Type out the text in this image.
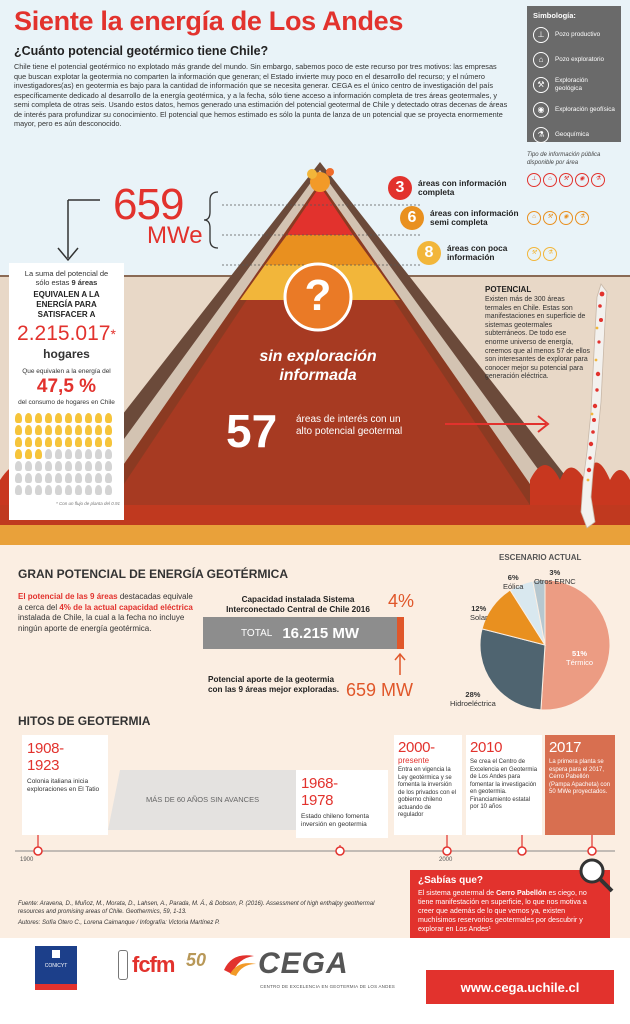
Siente la energía de Los Andes
¿Cuánto potencial geotérmico tiene Chile?
Chile tiene el potencial geotérmico no explotado más grande del mundo. Sin embargo, sabemos poco de este recurso por tres motivos: las empresas que buscan explotar la geotermia no comparten la información que generan; el Estado invierte muy poco en el desarrollo del recurso; y el número investigadores(as) en geotermia es bajo para la cantidad de información que se necesita generar. CEGA es el único centro de investigación del país específicamente dedicado al desarrollo de la energía geotérmica, y a la fecha, sólo tiene acceso a información completa de tres áreas geotermales, y semi completa de otras seis. Usando estos datos, hemos generado una estimación del potencial geotermal de Chile y detectado otras decenas de áreas de interés para profundizar su conocimiento. El potencial que hemos estimado es sólo la punta de lanza de un potencial que se proyecta enormemente mayor, pero es aún desconocido.
Simbología:
⊥	Pozo productivo
⌂	Pozo exploratorio
⚒	Exploración geológica
◉	Exploración geofísica
⚗	Geoquímica
Tipo de información pública disponible por área
⊥	⌂	⚒	◉	⚗
⌂	⚒	◉	⚗
⚒	⚗
659
MWe
3	áreas con información completa
6	áreas con información semi completa
8	áreas con poca información
?
sin exploración informada
57 áreas de interés con un alto potencial geotermal
La suma del potencial de sólo estas 9 áreas
EQUIVALEN A LA ENERGÍA PARA SATISFACER A
2.215.017*
hogares
Que equivalen a la energía del
47,5 %
del consumo de hogares en Chile
* Con un flujo de planta del 0.91
POTENCIAL

Existen más de 300 áreas termales en Chile. Estas son manifestaciones en superficie de sistemas geotermales subterráneos. De todo ese enorme universo de energía, creemos que al menos 57 de ellos son interesantes de explorar para conocer mejor su potencial para generación eléctrica.

GRAN POTENCIAL DE ENERGÍA GEOTÉRMICA
El potencial de las 9 áreas destacadas equivale a cerca del 4% de la actual capacidad eléctrica instalada de Chile, la cual a la fecha no incluye ningún aporte de energía geotérmica.
Capacidad instalada Sistema Interconectado Central de Chile 2016	4%
TOTAL 16.215 MW
Potencial aporte de la geotermia con las 9 áreas mejor exploradas. 659 MW
ESCENARIO ACTUAL
51%
Térmico
28%
Hidroeléctrica
12%
Solar
6%
Eólica
3%
Otros ERNC
HITOS DE GEOTERMIA
MÁS DE 60 AÑOS SIN AVANCES
1900	2000
1908-1923
Colonia italiana inicia exploraciones en El Tatio	1968-1978
Estado chileno fomenta inversión en geotermia
2000-
presente
Entra en vigencia la Ley geotérmica y se fomenta la inversión de los privados con el gobierno chileno actuando de regulador
2010
Se crea el Centro de Excelencia en Geotermia de Los Andes para fomentar la investigación en geotermia. Financiamiento estatal por 10 años
2017
La primera planta se espera para el 2017, Cerro Pabellón (Pampa Apacheta) con 50 MWe proyectados.
¿Sabías que?

El sistema geotermal de Cerro Pabellón es ciego, no tiene manifestación en superficie, lo que nos motiva a creer que además de lo que vemos ya, existen muchísimos reservorios geotermales por descubrir y explorar en Los Andes¹

Fuente: Aravena, D., Muñoz, M., Morata, D., Lahsen, A., Parada, M. Á., & Dobson, P. (2016). Assessment of high enthalpy geothermal resources and promising areas of Chile. Geothermics, 59, 1-13.
Autores: Sofía Otero C., Lorena Caimanque / Infografía: Victoria Martínez P.
CONICYT	fcfm 50 CEGA
CENTRO DE EXCELENCIA EN GEOTERMIA DE LOS ANDES	www.cega.uchile.cl
